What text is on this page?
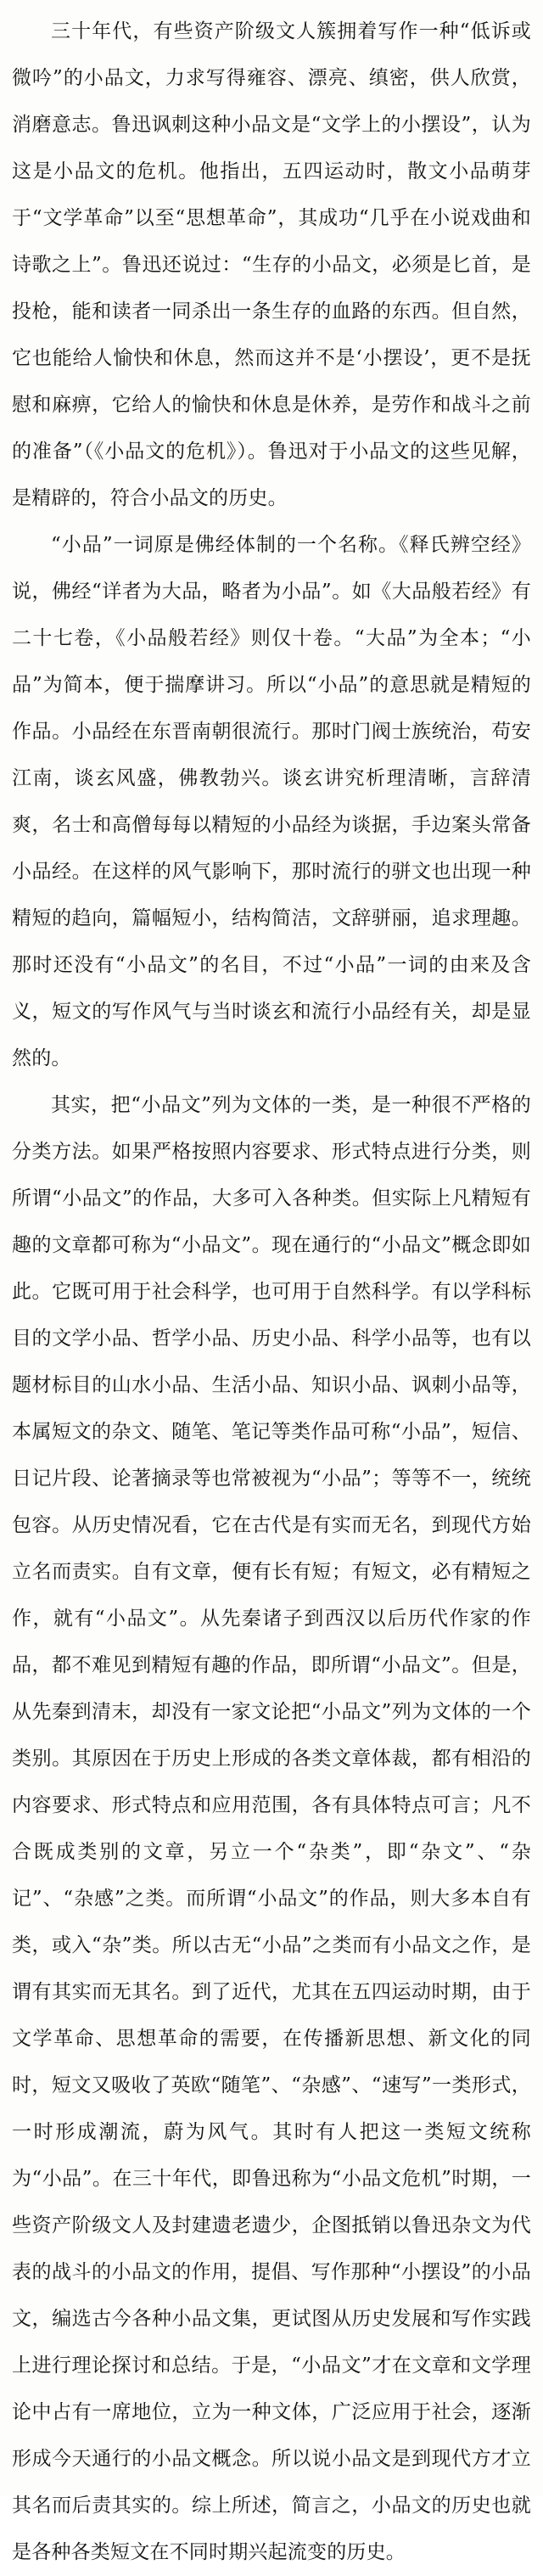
三十年代，有些资产阶级文人簇拥着写作一种“低诉或微吟”的小品文，力求写得雍容、漂亮、缜密，供人欣赏，消磨意志。鲁迅讽刺这种小品文是“文学上的小摆设”，认为这是小品文的危机。他指出，五四运动时，散文小品萌芽于“文学革命”以至“思想革命”，其成功“几乎在小说戏曲和诗歌之上”。鲁迅还说过：“生存的小品文，必须是匕首，是投枪，能和读者一同杀出一条生存的血路的东西。但自然，它也能给人愉快和休息，然而这并不是‘小摆设’，更不是抚慰和麻痹，它给人的愉快和休息是休养，是劳作和战斗之前的准备”（《小品文的危机》）。鲁迅对于小品文的这些见解，是精辟的，符合小品文的历史。

“小品”一词原是佛经体制的一个名称。《释氏辨空经》说，佛经“详者为大品，略者为小品”。如《大品般若经》有二十七卷，《小品般若经》则仅十卷。“大品”为全本；“小品”为简本，便于揣摩讲习。所以“小品”的意思就是精短的作品。小品经在东晋南朝很流行。那时门阀士族统治，苟安江南，谈玄风盛，佛教勃兴。谈玄讲究析理清晰，言辞清爽，名士和高僧每每以精短的小品经为谈据，手边案头常备小品经。在这样的风气影响下，那时流行的骈文也出现一种精短的趋向，篇幅短小，结构简洁，文辞骈丽，追求理趣。那时还没有“小品文”的名目，不过“小品”一词的由来及含义，短文的写作风气与当时谈玄和流行小品经有关，却是显然的。

其实，把“小品文”列为文体的一类，是一种很不严格的分类方法。如果严格按照内容要求、形式特点进行分类，则所谓“小品文”的作品，大多可入各种类。但实际上凡精短有趣的文章都可称为“小品文”。现在通行的“小品文”概念即如此。它既可用于社会科学，也可用于自然科学。有以学科标目的文学小品、哲学小品、历史小品、科学小品等，也有以题材标目的山水小品、生活小品、知识小品、讽刺小品等，本属短文的杂文、随笔、笔记等类作品可称“小品”，短信、日记片段、论著摘录等也常被视为“小品”；等等不一，统统包容。从历史情况看，它在古代是有实而无名，到现代方始立名而责实。自有文章，便有长有短；有短文，必有精短之作，就有“小品文”。从先秦诸子到西汉以后历代作家的作品，都不难见到精短有趣的作品，即所谓“小品文”。但是，从先秦到清末，却没有一家文论把“小品文”列为文体的一个类别。其原因在于历史上形成的各类文章体裁，都有相沿的内容要求、形式特点和应用范围，各有具体特点可言；凡不合既成类别的文章，另立一个“杂类”，即“杂文”、“杂记”、“杂感”之类。而所谓“小品文”的作品，则大多本自有类，或入“杂”类。所以古无“小品”之类而有小品文之作，是谓有其实而无其名。到了近代，尤其在五四运动时期，由于文学革命、思想革命的需要，在传播新思想、新文化的同时，短文又吸收了英欧“随笔”、“杂感”、“速写”一类形式，一时形成潮流，蔚为风气。其时有人把这一类短文统称为“小品”。在三十年代，即鲁迅称为“小品文危机”时期，一些资产阶级文人及封建遗老遗少，企图抵销以鲁迅杂文为代表的战斗的小品文的作用，提倡、写作那种“小摆设”的小品文，编选古今各种小品文集，更试图从历史发展和写作实践上进行理论探讨和总结。于是，“小品文”才在文章和文学理论中占有一席地位，立为一种文体，广泛应用于社会，逐渐形成今天通行的小品文概念。所以说小品文是到现代方才立其名而后责其实的。综上所述，简言之，小品文的历史也就是各种各类短文在不同时期兴起流变的历史。
